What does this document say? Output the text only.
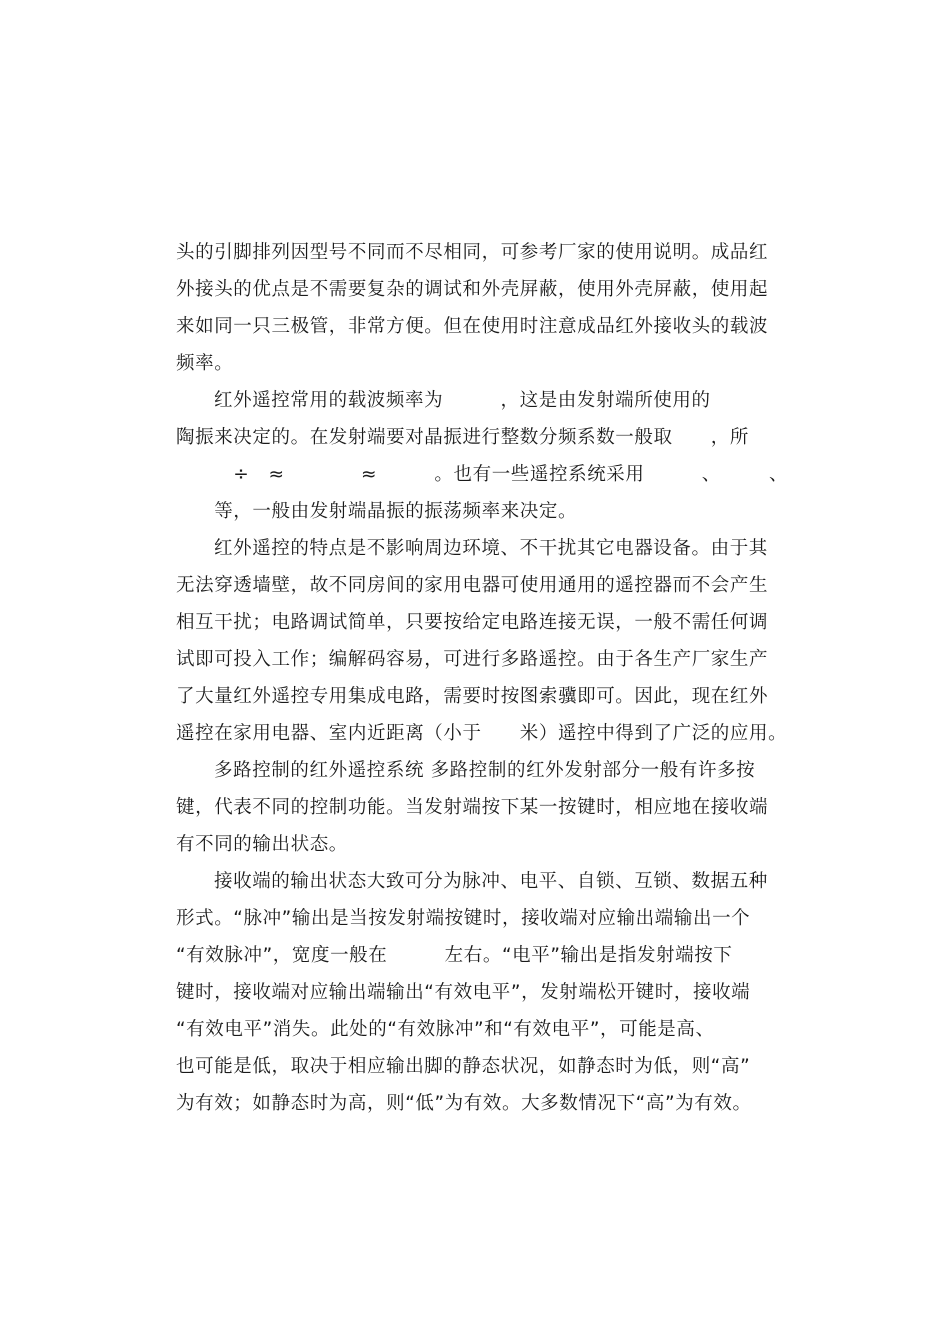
头的引脚排列因型号不同而不尽相同，可参考厂家的使用说明。成品红
外接头的优点是不需要复杂的调试和外壳屏蔽，使用外壳屏蔽，使用起
来如同一只三极管，非常方便。但在使用时注意成品红外接收头的载波
频率。
红外遥控常用的载波频率为　　　，这是由发射端所使用的
陶振来决定的。在发射端要对晶振进行整数分频系数一般取　　，所
　　　÷　≈　　　　≈　　　。也有一些遥控系统采用　　　、　　　、
　　等，一般由发射端晶振的振荡频率来决定。
红外遥控的特点是不影响周边环境、不干扰其它电器设备。由于其
无法穿透墙壁，故不同房间的家用电器可使用通用的遥控器而不会产生
相互干扰；电路调试简单，只要按给定电路连接无误，一般不需任何调
试即可投入工作；编解码容易，可进行多路遥控。由于各生产厂家生产
了大量红外遥控专用集成电路，需要时按图索骥即可。因此，现在红外
遥控在家用电器、室内近距离（小于　　米）遥控中得到了广泛的应用。
多路控制的红外遥控系统 多路控制的红外发射部分一般有许多按
键，代表不同的控制功能。当发射端按下某一按键时，相应地在接收端
有不同的输出状态。
接收端的输出状态大致可分为脉冲、电平、自锁、互锁、数据五种
形式。“脉冲”输出是当按发射端按键时，接收端对应输出端输出一个
“有效脉冲”，宽度一般在　　　左右。“电平”输出是指发射端按下
键时，接收端对应输出端输出“有效电平”，发射端松开键时，接收端
“有效电平”消失。此处的“有效脉冲”和“有效电平”，可能是高、
也可能是低，取决于相应输出脚的静态状况，如静态时为低，则“高”
为有效；如静态时为高，则“低”为有效。大多数情况下“高”为有效。
